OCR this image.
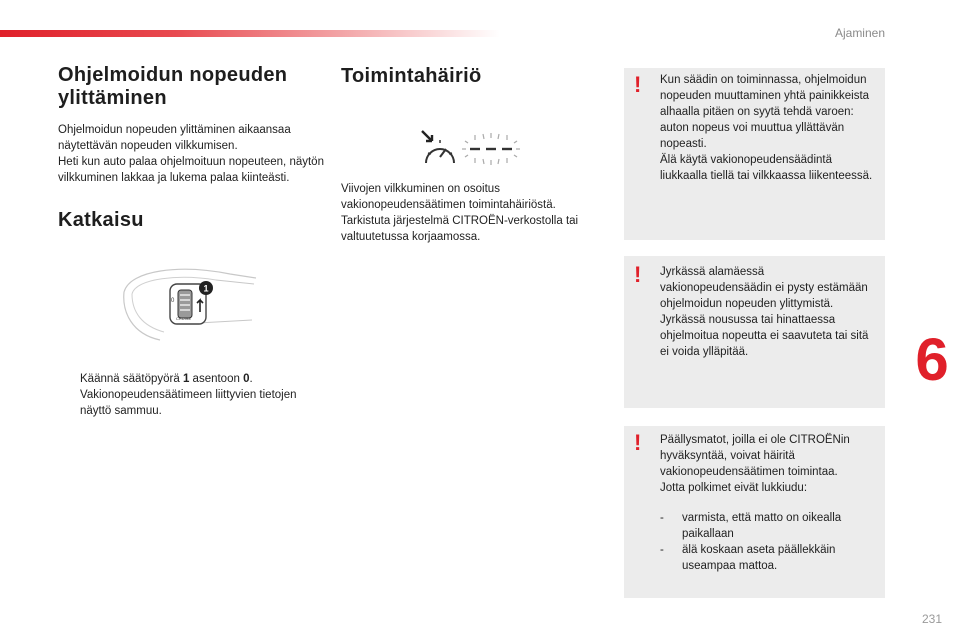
Ajaminen
6
Ohjelmoidun nopeuden ylittäminen

Ohjelmoidun nopeuden ylittäminen aikaansaa näytettävän nopeuden vilkkumisen.
Heti kun auto palaa ohjelmoituun nopeuteen, näytön vilkkuminen lakkaa ja lukema palaa kiinteästi.

Katkaisu
0
1
CRUISE
Käännä säätöpyörä 1 asentoon 0.
Vakionopeudensäätimeen liittyvien tietojen näyttö sammuu.
Toimintahäiriö

Viivojen vilkkuminen on osoitus vakionopeudensäätimen toimintahäiriöstä.
Tarkistuta järjestelmä CITROËN-verkostolla tai valtuutetussa korjaamossa.

! Kun säädin on toiminnassa, ohjelmoidun nopeuden muuttaminen yhtä painikkeista alhaalla pitäen on syytä tehdä varoen: auton nopeus voi muuttua yllättävän nopeasti.
Älä käytä vakionopeudensäädintä liukkaalla tiellä tai vilkkaassa liikenteessä.

! Jyrkässä alamäessä vakionopeudensäädin ei pysty estämään ohjelmoidun nopeuden ylittymistä.
Jyrkässä nousussa tai hinattaessa ohjelmoitua nopeutta ei saavuteta tai sitä ei voida ylläpitää.

! Päällysmatot, joilla ei ole CITROËNin hyväksyntää, voivat häiritä vakionopeudensäätimen toimintaa.
Jotta polkimet eivät lukkiudu:

-	varmista, että matto on oikealla paikallaan
-	älä koskaan aseta päällekkäin useampaa mattoa.
231
